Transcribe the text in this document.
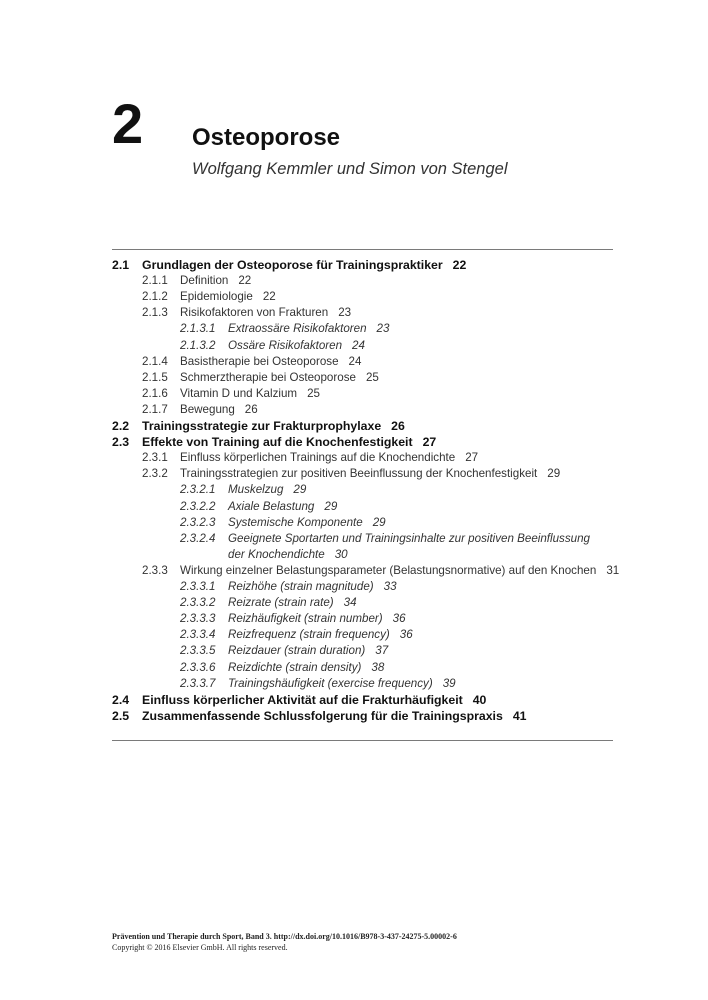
2 Osteoporose
Wolfgang Kemmler und Simon von Stengel
2.1 Grundlagen der Osteoporose für Trainingspraktiker 22
2.1.1 Definition 22
2.1.2 Epidemiologie 22
2.1.3 Risikofaktoren von Frakturen 23
2.1.3.1 Extraossäre Risikofaktoren 23
2.1.3.2 Ossäre Risikofaktoren 24
2.1.4 Basistherapie bei Osteoporose 24
2.1.5 Schmerztherapie bei Osteoporose 25
2.1.6 Vitamin D und Kalzium 25
2.1.7 Bewegung 26
2.2 Trainingsstrategie zur Frakturprophylaxe 26
2.3 Effekte von Training auf die Knochenfestigkeit 27
2.3.1 Einfluss körperlichen Trainings auf die Knochendichte 27
2.3.2 Trainingsstrategien zur positiven Beeinflussung der Knochenfestigkeit 29
2.3.2.1 Muskelzug 29
2.3.2.2 Axiale Belastung 29
2.3.2.3 Systemische Komponente 29
2.3.2.4 Geeignete Sportarten und Trainingsinhalte zur positiven Beeinflussung der Knochendichte 30
2.3.3 Wirkung einzelner Belastungsparameter (Belastungsnormative) auf den Knochen 31
2.3.3.1 Reizhöhe (strain magnitude) 33
2.3.3.2 Reizrate (strain rate) 34
2.3.3.3 Reizhäufigkeit (strain number) 36
2.3.3.4 Reizfrequenz (strain frequency) 36
2.3.3.5 Reizdauer (strain duration) 37
2.3.3.6 Reizdichte (strain density) 38
2.3.3.7 Trainingshäufigkeit (exercise frequency) 39
2.4 Einfluss körperlicher Aktivität auf die Frakturhäufigkeit 40
2.5 Zusammenfassende Schlussfolgerung für die Trainingspraxis 41
Prävention und Therapie durch Sport, Band 3. http://dx.doi.org/10.1016/B978-3-437-24275-5.00002-6
Copyright © 2016 Elsevier GmbH. All rights reserved.
